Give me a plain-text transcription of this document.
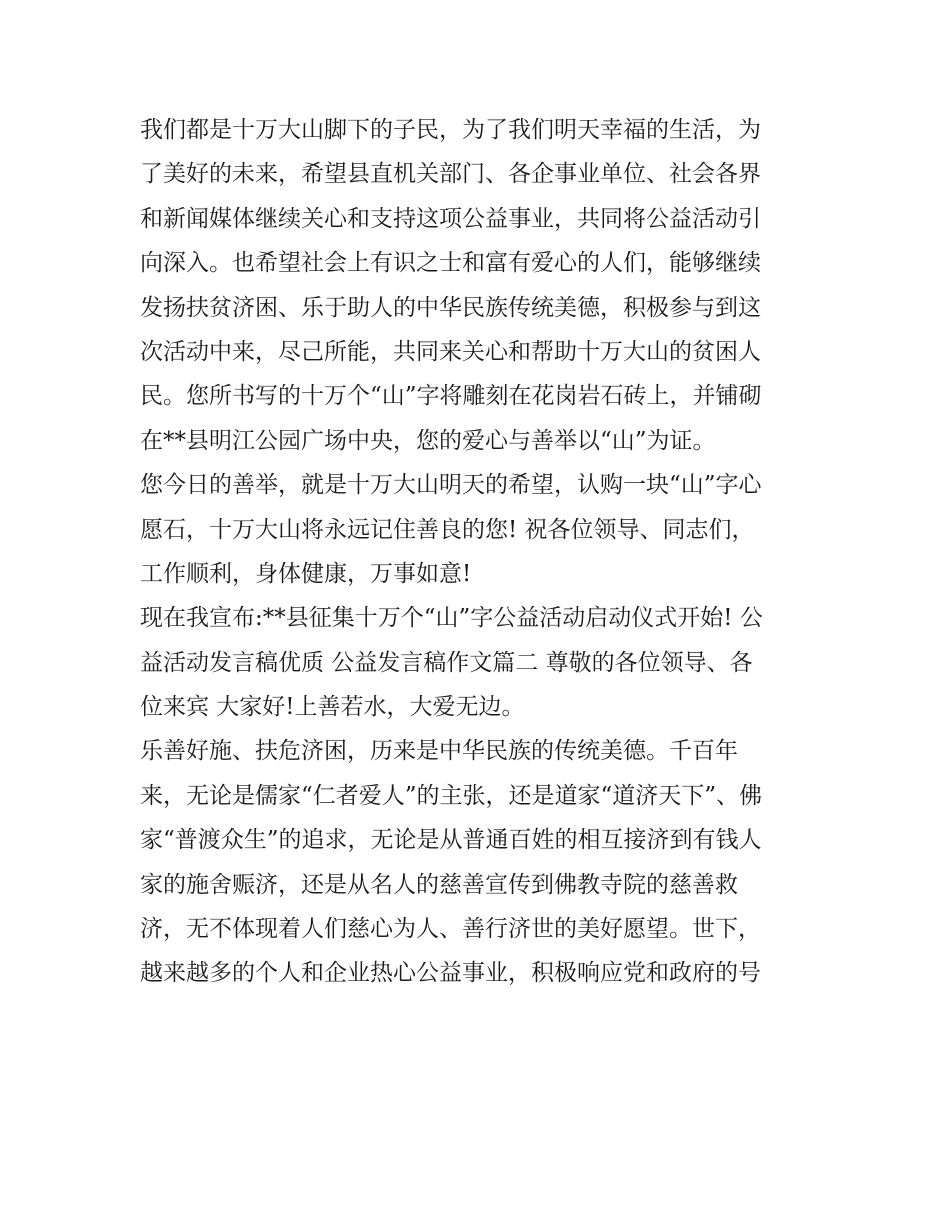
我们都是十万大山脚下的子民，为了我们明天幸福的生活，为
了美好的未来，希望县直机关部门、各企事业单位、社会各界
和新闻媒体继续关心和支持这项公益事业，共同将公益活动引
向深入。也希望社会上有识之士和富有爱心的人们，能够继续
发扬扶贫济困、乐于助人的中华民族传统美德，积极参与到这
次活动中来，尽己所能，共同来关心和帮助十万大山的贫困人
民。您所书写的十万个“山”字将雕刻在花岗岩石砖上，并铺砌
在**县明江公园广场中央，您的爱心与善举以“山”为证。
您今日的善举，就是十万大山明天的希望，认购一块“山”字心
愿石，十万大山将永远记住善良的您! 祝各位领导、同志们，
工作顺利，身体健康，万事如意!
现在我宣布:**县征集十万个“山”字公益活动启动仪式开始! 公
益活动发言稿优质 公益发言稿作文篇二 尊敬的各位领导、各
位来宾 大家好!上善若水，大爱无边。
乐善好施、扶危济困，历来是中华民族的传统美德。千百年
来，无论是儒家“仁者爱人”的主张，还是道家“道济天下”、佛
家“普渡众生”的追求，无论是从普通百姓的相互接济到有钱人
家的施舍赈济，还是从名人的慈善宣传到佛教寺院的慈善救
济，无不体现着人们慈心为人、善行济世的美好愿望。世下，
越来越多的个人和企业热心公益事业，积极响应党和政府的号
